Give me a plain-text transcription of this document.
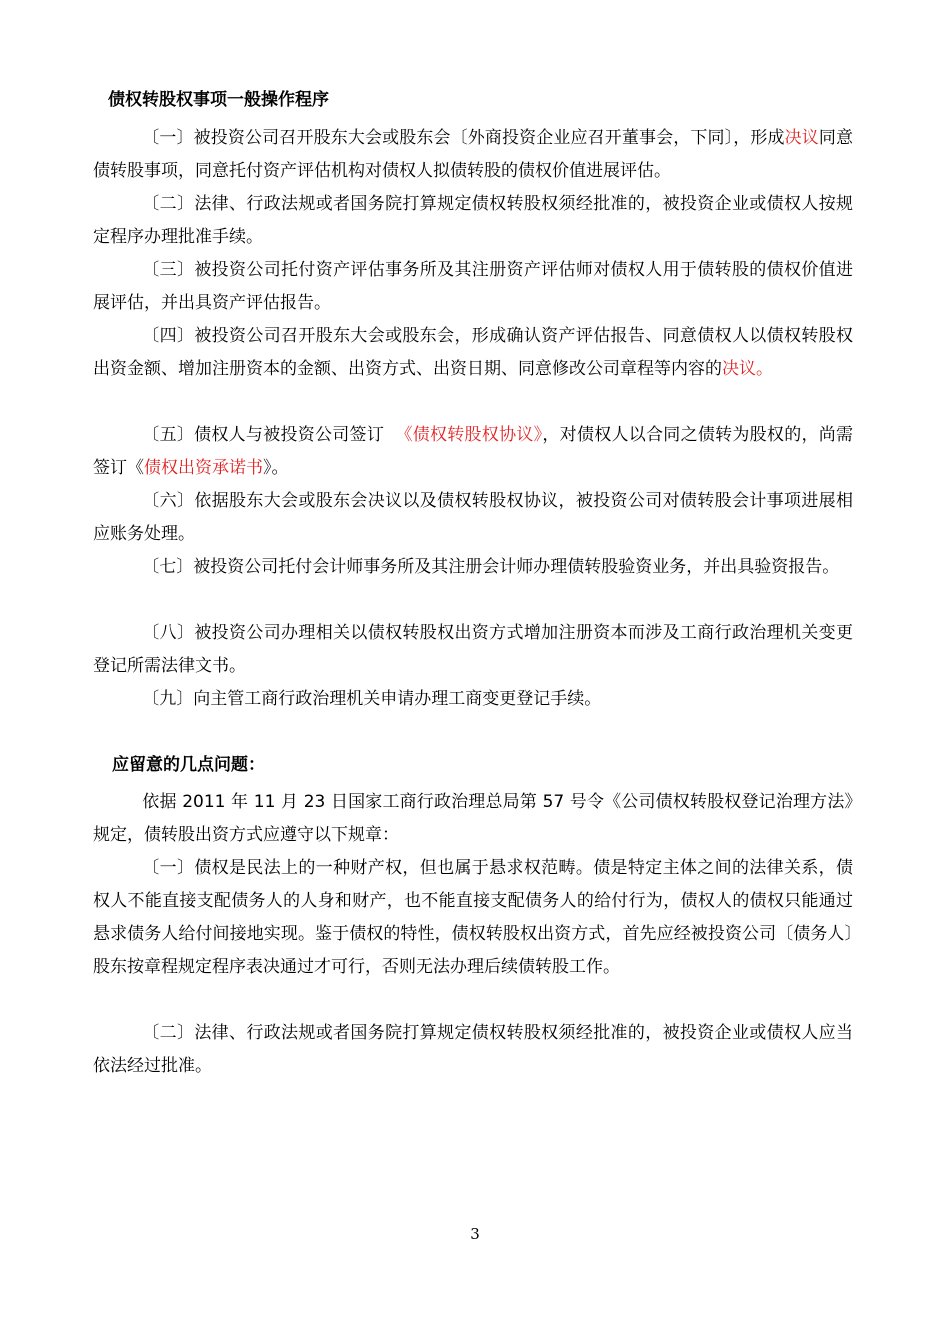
债权转股权事项一般操作程序

〔一〕被投资公司召开股东大会或股东会〔外商投资企业应召开董事会，下同〕，形成决议同意债转股事项，同意托付资产评估机构对债权人拟债转股的债权价值进展评估。

〔二〕法律、行政法规或者国务院打算规定债权转股权须经批准的，被投资企业或债权人按规定程序办理批准手续。

〔三〕被投资公司托付资产评估事务所及其注册资产评估师对债权人用于债转股的债权价值进展评估，并出具资产评估报告。

〔四〕被投资公司召开股东大会或股东会，形成确认资产评估报告、同意债权人以债权转股权出资金额、增加注册资本的金额、出资方式、出资日期、同意修改公司章程等内容的决议。

〔五〕债权人与被投资公司签订 《债权转股权协议》，对债权人以合同之债转为股权的，尚需签订《债权出资承诺书》。

〔六〕依据股东大会或股东会决议以及债权转股权协议，被投资公司对债转股会计事项进展相应账务处理。

〔七〕被投资公司托付会计师事务所及其注册会计师办理债转股验资业务，并出具验资报告。

〔八〕被投资公司办理相关以债权转股权出资方式增加注册资本而涉及工商行政治理机关变更登记所需法律文书。

〔九〕向主管工商行政治理机关申请办理工商变更登记手续。

应留意的几点问题：

依据 2011 年 11 月 23 日国家工商行政治理总局第 57 号令《公司债权转股权登记治理方法》规定，债转股出资方式应遵守以下规章：

〔一〕债权是民法上的一种财产权，但也属于悬求权范畴。债是特定主体之间的法律关系，债权人不能直接支配债务人的人身和财产，也不能直接支配债务人的给付行为，债权人的债权只能通过悬求债务人给付间接地实现。鉴于债权的特性，债权转股权出资方式，首先应经被投资公司〔债务人〕股东按章程规定程序表决通过才可行，否则无法办理后续债转股工作。

〔二〕法律、行政法规或者国务院打算规定债权转股权须经批准的，被投资企业或债权人应当依法经过批准。

3
